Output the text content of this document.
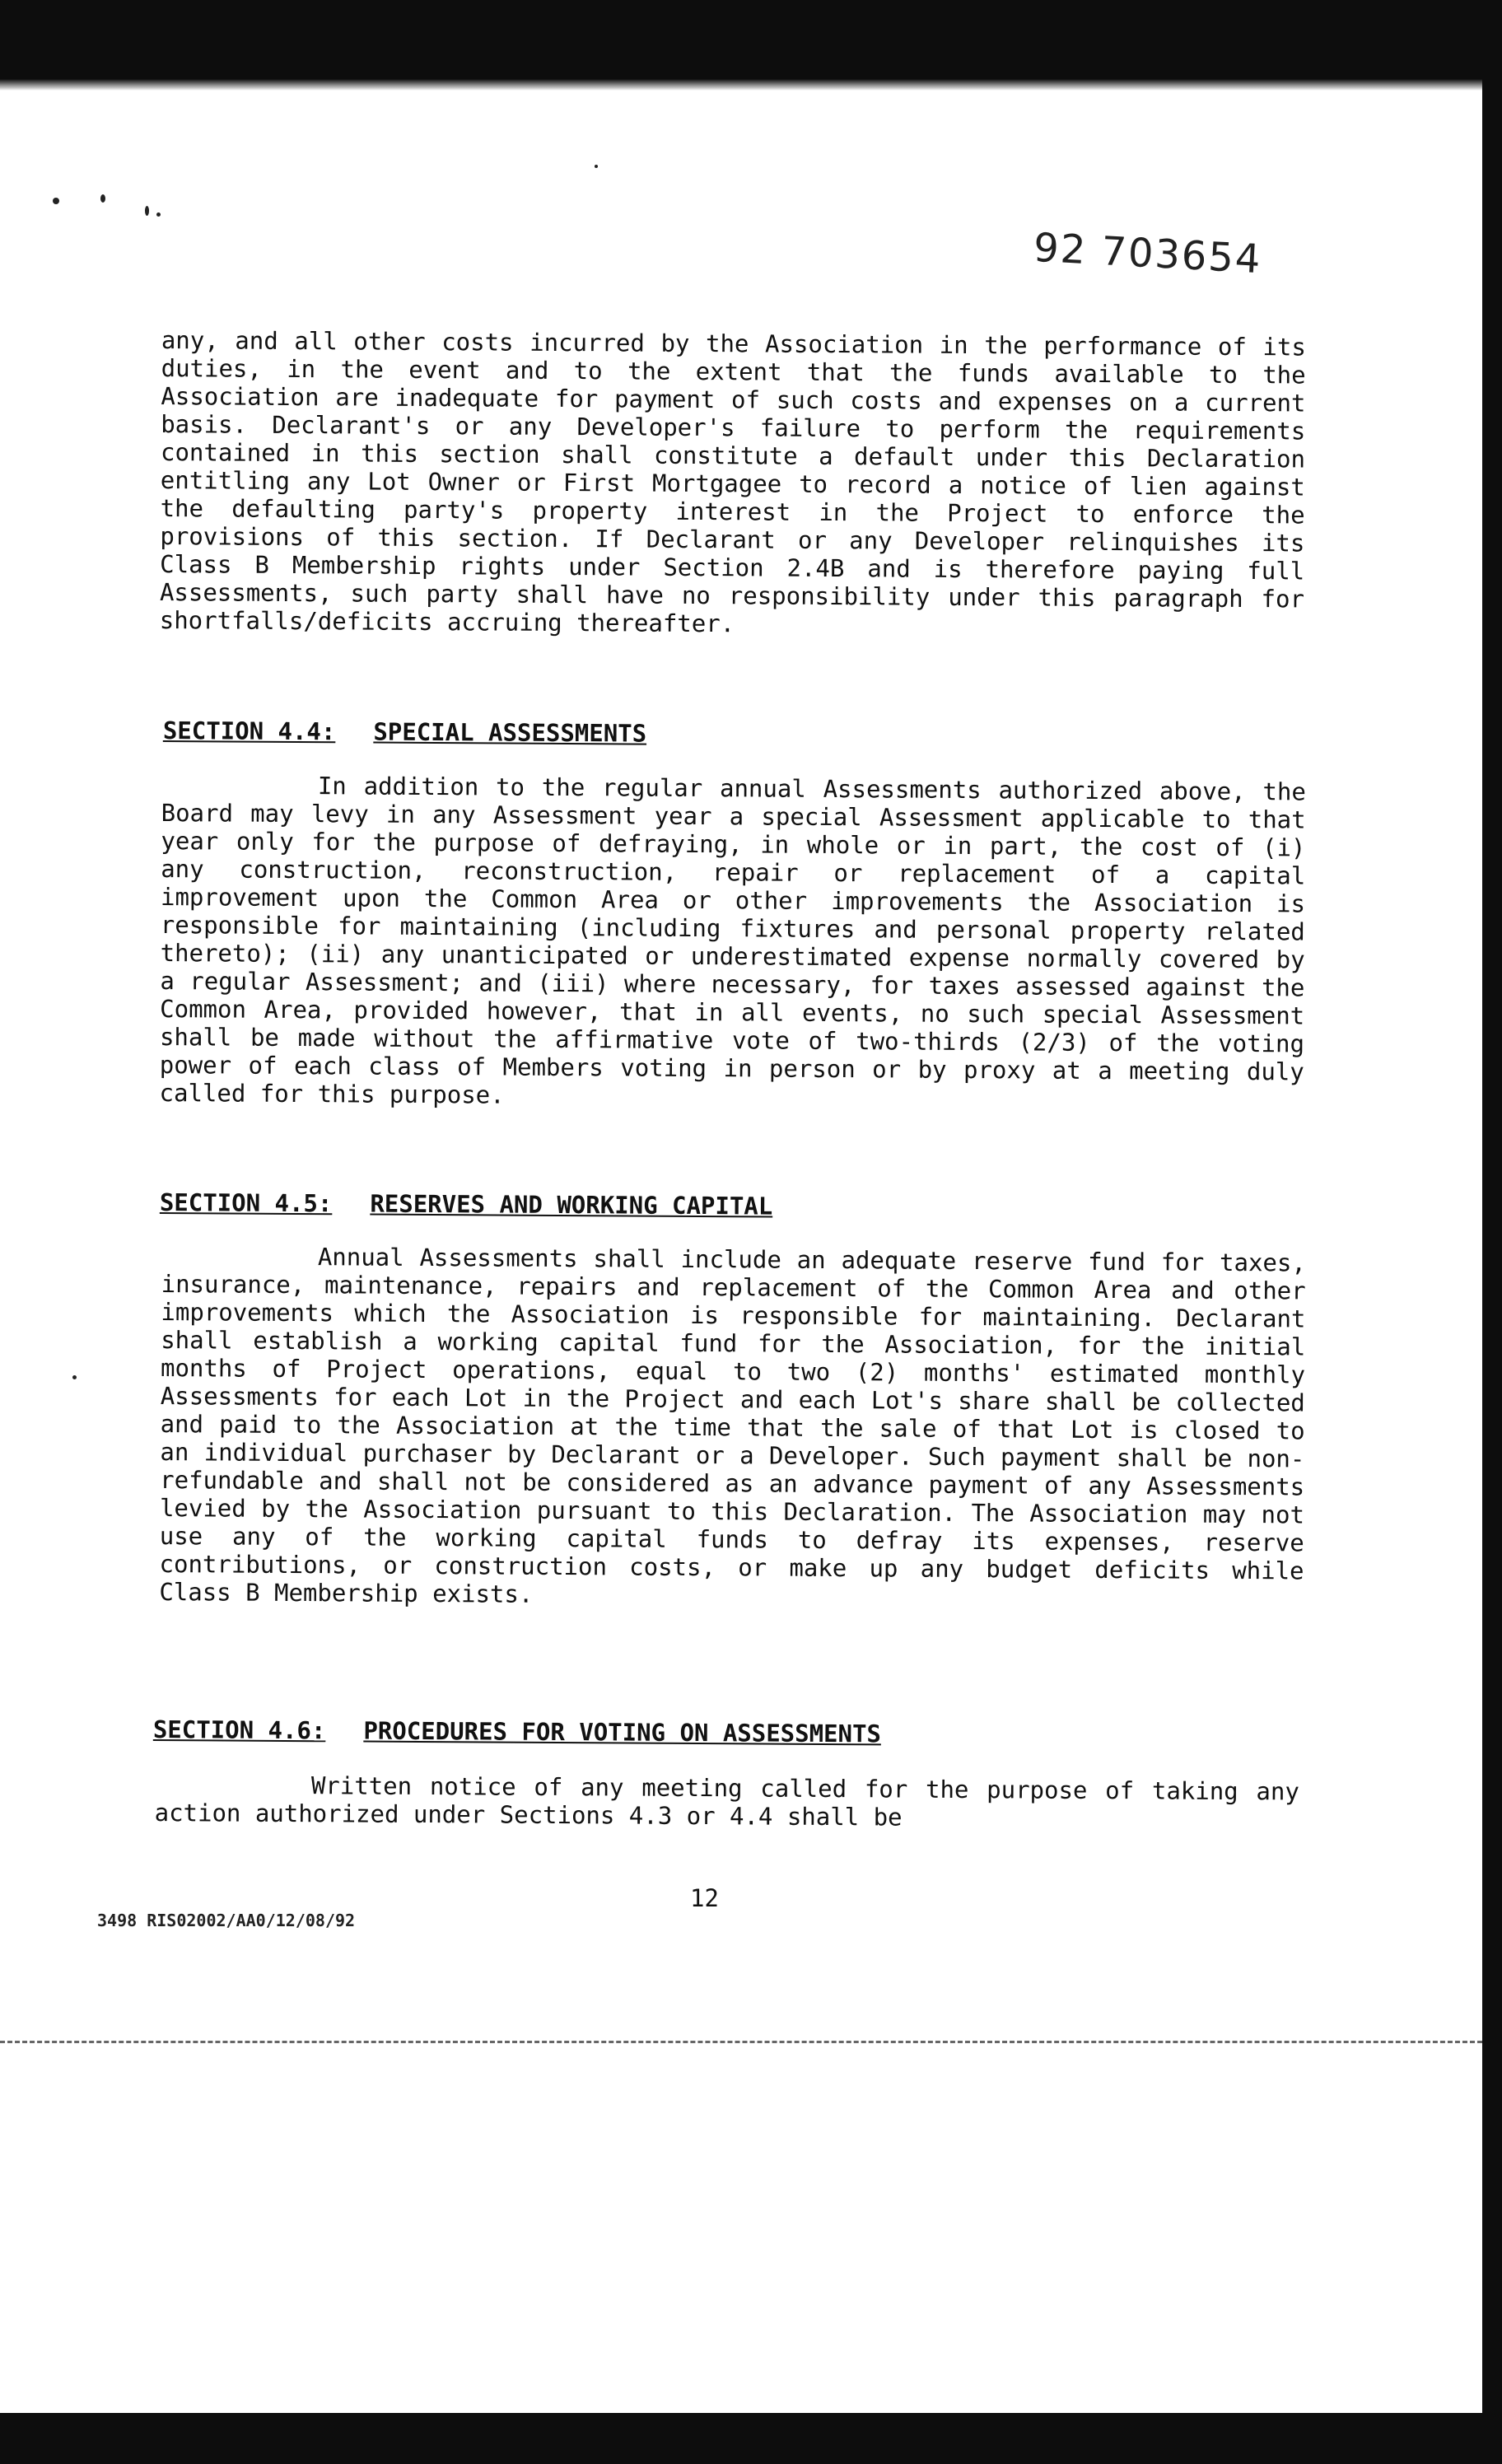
92 703654

any, and all other costs incurred by the Association in the performance of its duties, in the event and to the extent that the funds available to the Association are inadequate for payment of such costs and expenses on a current basis. Declarant's or any Developer's failure to perform the requirements contained in this section shall constitute a default under this Declaration entitling any Lot Owner or First Mortgagee to record a notice of lien against the defaulting party's property interest in the Project to enforce the provisions of this section. If Declarant or any Developer relinquishes its Class B Membership rights under Section 2.4B and is therefore paying full Assessments, such party shall have no responsibility under this paragraph for shortfalls/deficits accruing thereafter.

SECTION 4.4: SPECIAL ASSESSMENTS

In addition to the regular annual Assessments authorized above, the Board may levy in any Assessment year a special Assessment applicable to that year only for the purpose of defraying, in whole or in part, the cost of (i) any construction, reconstruction, repair or replacement of a capital improvement upon the Common Area or other improvements the Association is responsible for maintaining (including fixtures and personal property related thereto); (ii) any unanticipated or underestimated expense normally covered by a regular Assessment; and (iii) where necessary, for taxes assessed against the Common Area, provided however, that in all events, no such special Assessment shall be made without the affirmative vote of two-thirds (2/3) of the voting power of each class of Members voting in person or by proxy at a meeting duly called for this purpose.

SECTION 4.5: RESERVES AND WORKING CAPITAL

Annual Assessments shall include an adequate reserve fund for taxes, insurance, maintenance, repairs and replacement of the Common Area and other improvements which the Association is responsible for maintaining. Declarant shall establish a working capital fund for the Association, for the initial months of Project operations, equal to two (2) months' estimated monthly Assessments for each Lot in the Project and each Lot's share shall be collected and paid to the Association at the time that the sale of that Lot is closed to an individual purchaser by Declarant or a Developer. Such payment shall be non-refundable and shall not be considered as an advance payment of any Assessments levied by the Association pursuant to this Declaration. The Association may not use any of the working capital funds to defray its expenses, reserve contributions, or construction costs, or make up any budget deficits while Class B Membership exists.

SECTION 4.6: PROCEDURES FOR VOTING ON ASSESSMENTS

Written notice of any meeting called for the purpose of taking any action authorized under Sections 4.3 or 4.4 shall be

12
3498 RIS02002/AA0/12/08/92
